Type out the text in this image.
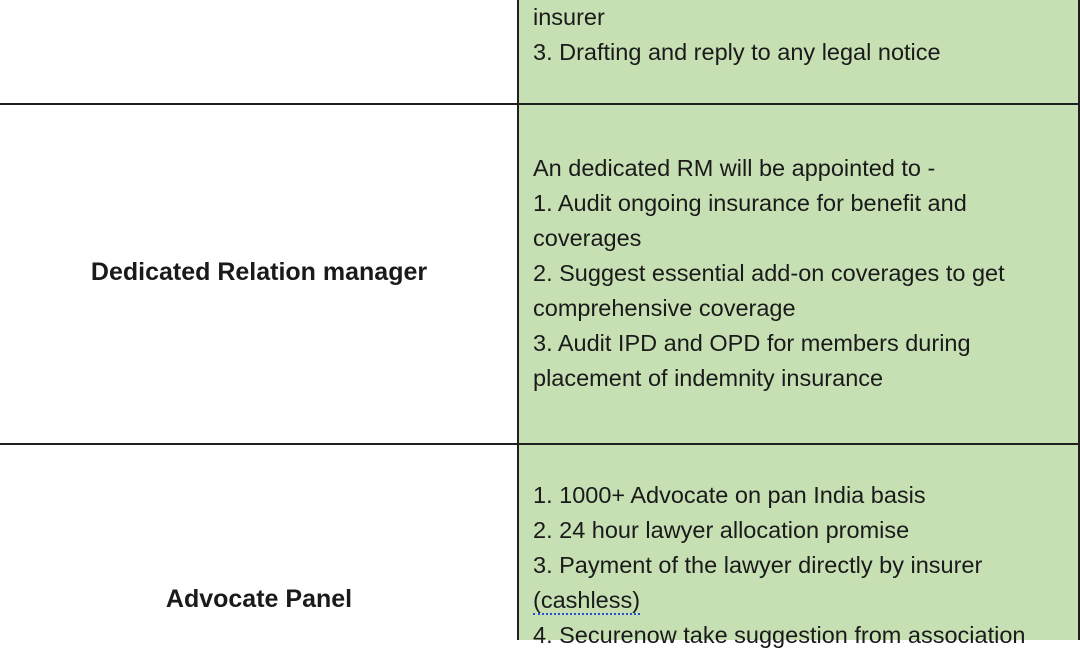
insurer

3. Drafting and reply to any legal notice

Dedicated Relation manager

An dedicated RM will be appointed to -

1. Audit ongoing insurance for benefit and

coverages

2. Suggest essential add-on coverages to get

comprehensive coverage

3. Audit IPD and OPD for members during

placement of indemnity insurance

Advocate Panel

1. 1000+ Advocate on pan India basis

2. 24 hour lawyer allocation promise

3. Payment of the lawyer directly by insurer

(cashless)

4. Securenow take suggestion from association
